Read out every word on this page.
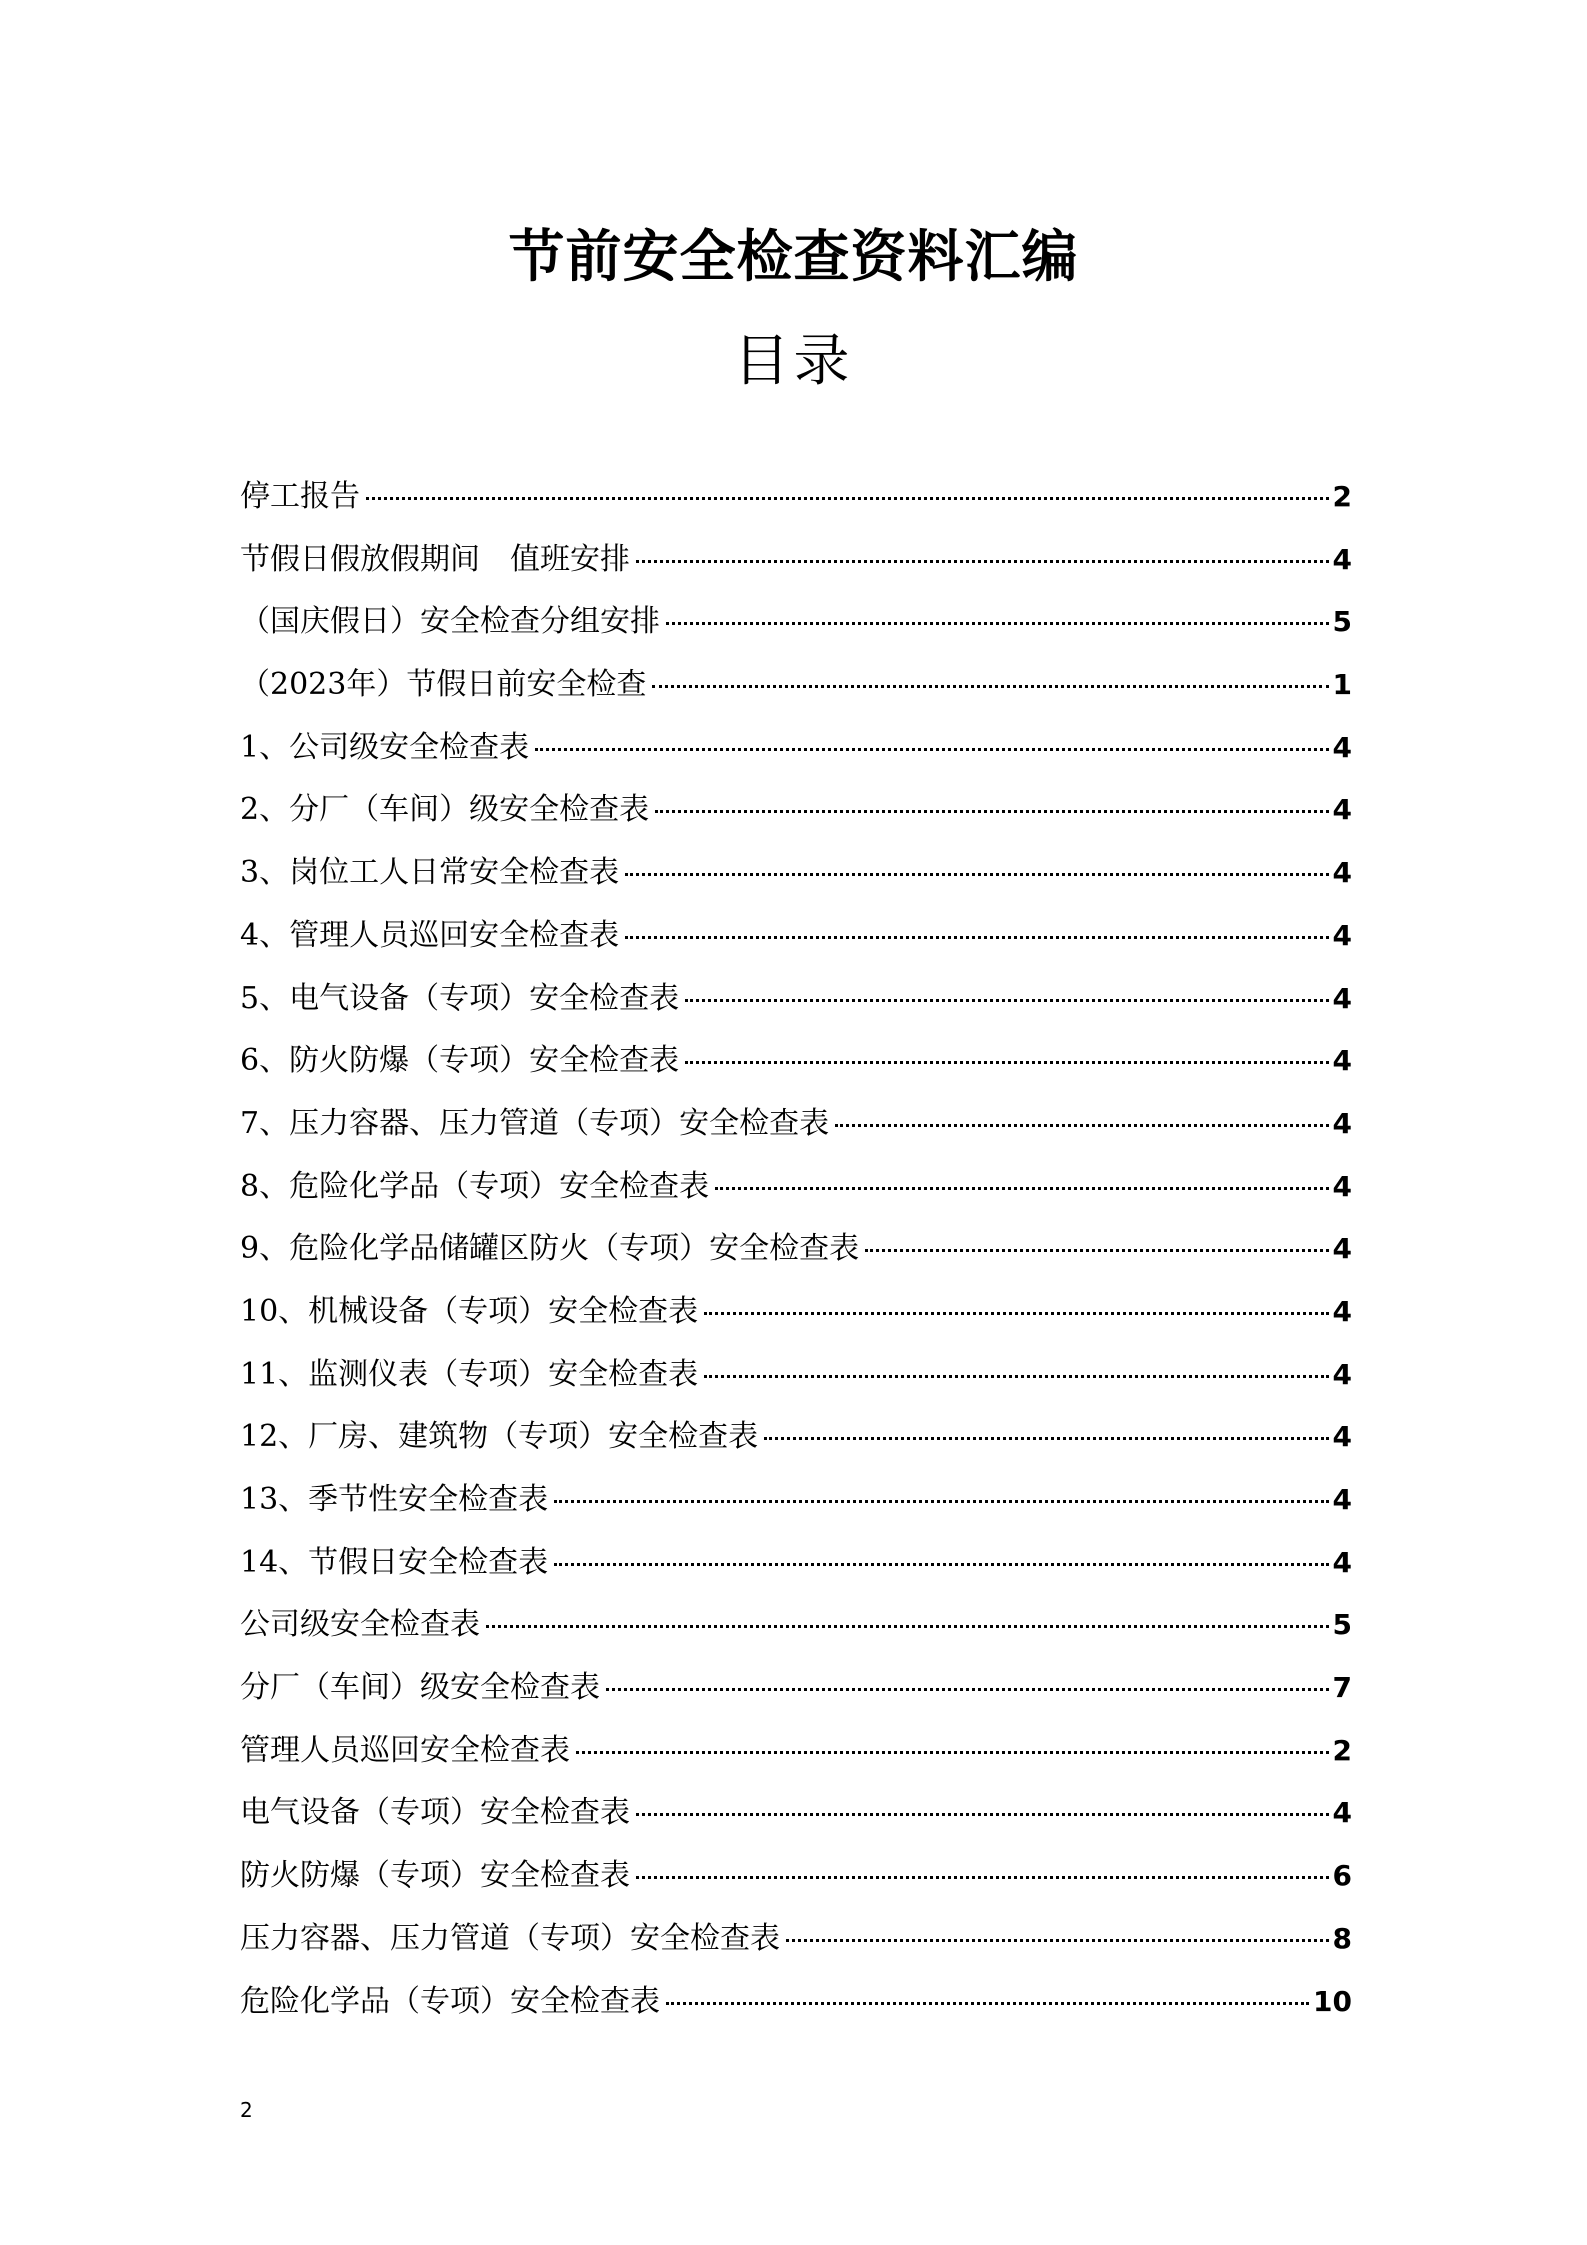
节前安全检查资料汇编
目录
停工报告	2
节假日假放假期间　值班安排	4
（国庆假日）安全检查分组安排	5
（2023年）节假日前安全检查	1
1、公司级安全检查表	4
2、分厂（车间）级安全检查表	4
3、岗位工人日常安全检查表	4
4、管理人员巡回安全检查表	4
5、电气设备（专项）安全检查表	4
6、防火防爆（专项）安全检查表	4
7、压力容器、压力管道（专项）安全检查表	4
8、危险化学品（专项）安全检查表	4
9、危险化学品储罐区防火（专项）安全检查表	4
10、机械设备（专项）安全检查表	4
11、监测仪表（专项）安全检查表	4
12、厂房、建筑物（专项）安全检查表	4
13、季节性安全检查表	4
14、节假日安全检查表	4
公司级安全检查表	5
分厂（车间）级安全检查表	7
管理人员巡回安全检查表	2
电气设备（专项）安全检查表	4
防火防爆（专项）安全检查表	6
压力容器、压力管道（专项）安全检查表	8
危险化学品（专项）安全检查表	10
2
